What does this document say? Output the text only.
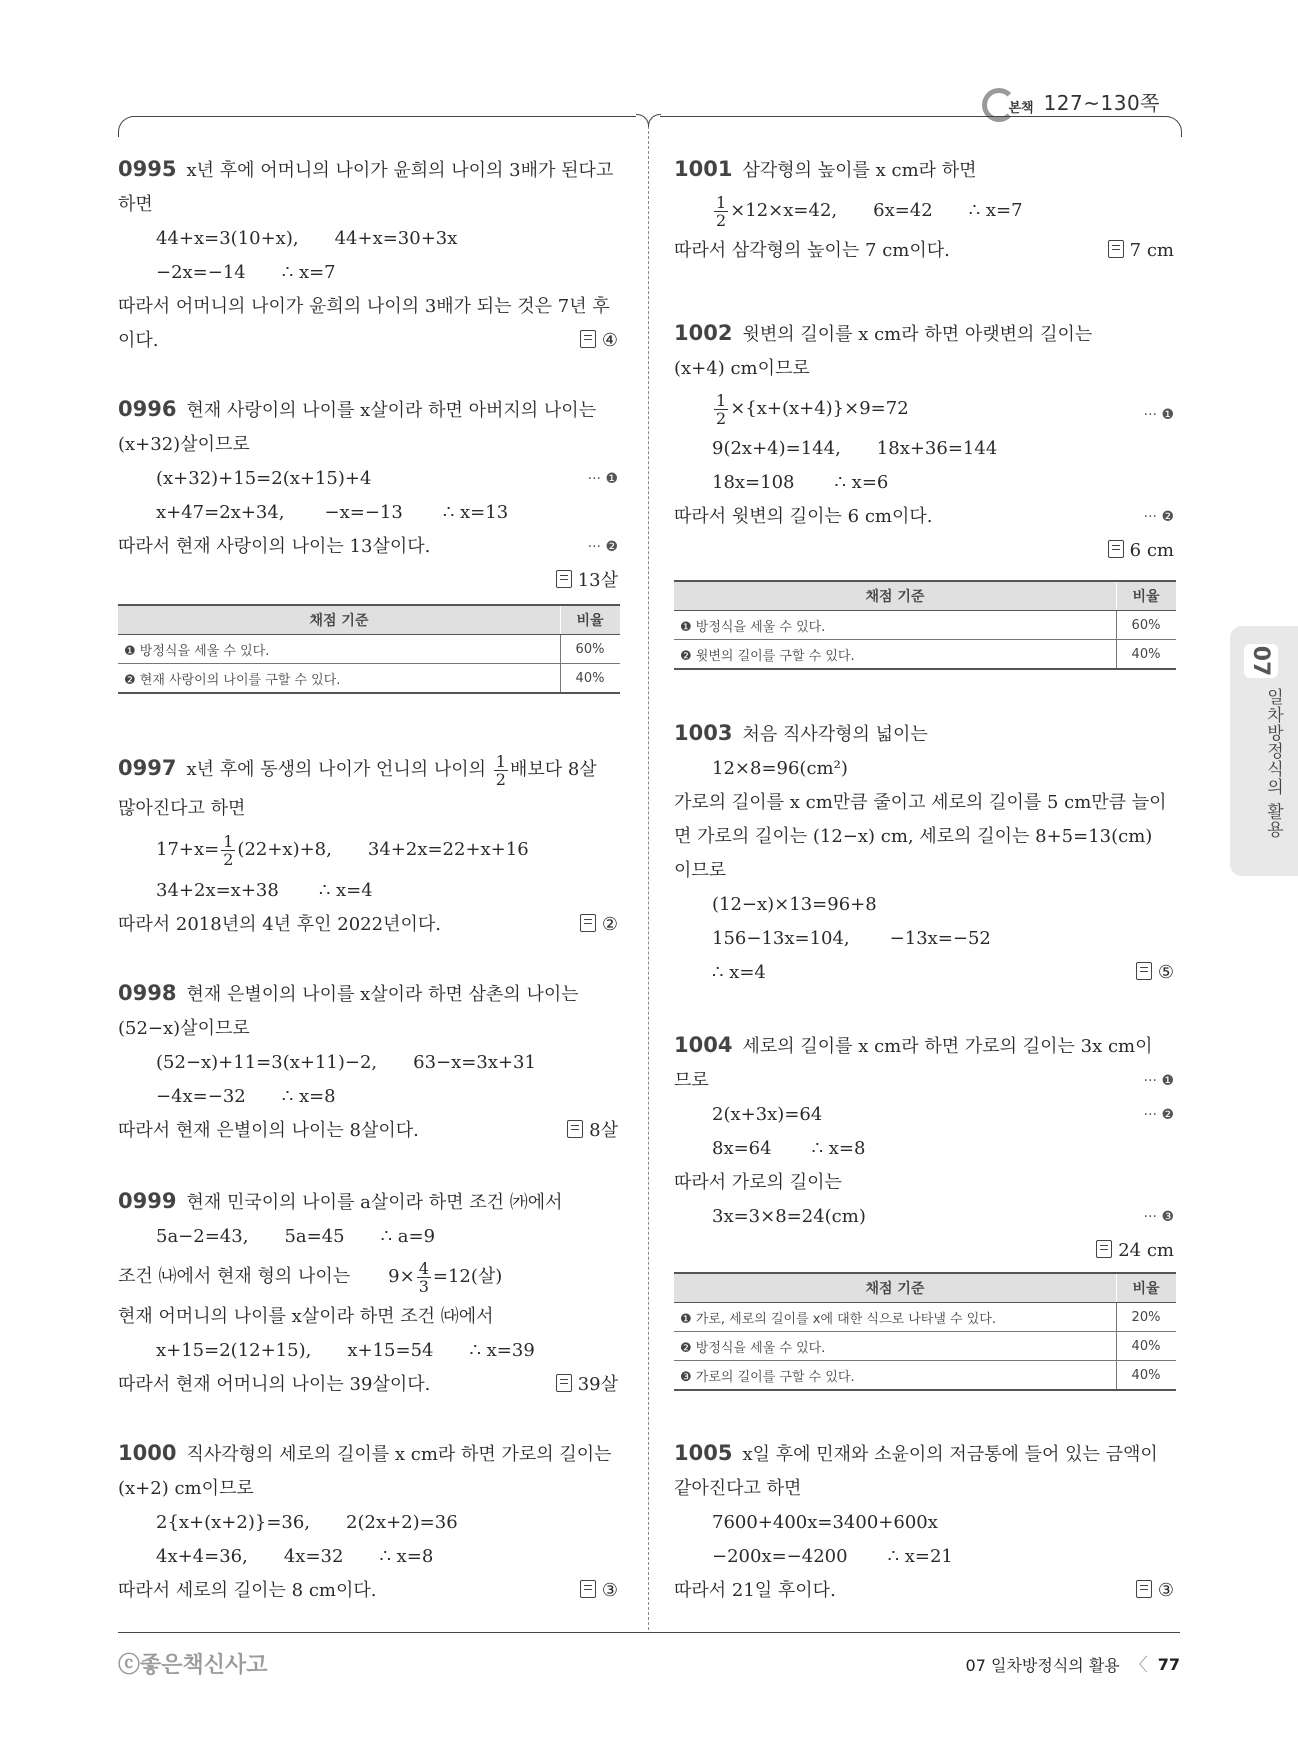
본책 127~130쪽
07
일차방정식의 활용
0995 x년 후에 어머니의 나이가 윤희의 나이의 3배가 된다고
하면
44+x=3(10+x), 44+x=30+3x
−2x=−14 ∴ x=7
따라서 어머니의 나이가 윤희의 나이의 3배가 되는 것은 7년 후
이다.	④
0996 현재 사랑이의 나이를 x살이라 하면 아버지의 나이는
(x+32)살이므로
(x+32)+15=2(x+15)+4	··· ❶
x+47=2x+34, −x=−13 ∴ x=13
따라서 현재 사랑이의 나이는 13살이다.	··· ❷
13살
채점 기준	비율
❶ 방정식을 세울 수 있다.	60%
❷ 현재 사랑이의 나이를 구할 수 있다.	40%
0997 x년 후에 동생의 나이가 언니의 나이의 $\frac{1}{2}$ 배보다 8살
많아진다고 하면
$17+x= \frac{1}{2} (22+x)+8$, 34+2x=22+x+16
34+2x=x+38 ∴ x=4
따라서 2018년의 4년 후인 2022년이다.	②
0998 현재 은별이의 나이를 x살이라 하면 삼촌의 나이는
(52−x)살이므로
(52−x)+11=3(x+11)−2, 63−x=3x+31
−4x=−32 ∴ x=8
따라서 현재 은별이의 나이는 8살이다.	8살
0999 현재 민국이의 나이를 a살이라 하면 조건 ㈎에서
5a−2=43, 5a=45 ∴ a=9
조건 ㈏에서 현재 형의 나이는 $9\times \frac{4}{3} =12$(살)
현재 어머니의 나이를 x살이라 하면 조건 ㈐에서
x+15=2(12+15), x+15=54 ∴ x=39
따라서 현재 어머니의 나이는 39살이다.	39살
1000 직사각형의 세로의 길이를 x cm라 하면 가로의 길이는
(x+2) cm이므로
2{x+(x+2)}=36, 2(2x+2)=36
4x+4=36, 4x=32 ∴ x=8
따라서 세로의 길이는 8 cm이다.	③
1001 삼각형의 높이를 x cm라 하면
$\frac{1}{2} \times 12\times x=42$, 6x=42 ∴ x=7
따라서 삼각형의 높이는 7 cm이다.	7 cm
1002 윗변의 길이를 x cm라 하면 아랫변의 길이는
(x+4) cm이므로
$\frac{1}{2} \times\{x+(x+4)\}\times 9=72$	··· ❶
9(2x+4)=144, 18x+36=144
18x=108 ∴ x=6
따라서 윗변의 길이는 6 cm이다.	··· ❷
6 cm
채점 기준	비율
❶ 방정식을 세울 수 있다.	60%
❷ 윗변의 길이를 구할 수 있다.	40%
1003 처음 직사각형의 넓이는
12×8=96(cm²)
가로의 길이를 x cm만큼 줄이고 세로의 길이를 5 cm만큼 늘이
면 가로의 길이는 (12−x) cm, 세로의 길이는 8+5=13(cm)
이므로
(12−x)×13=96+8
156−13x=104, −13x=−52
∴ x=4	⑤
1004 세로의 길이를 x cm라 하면 가로의 길이는 3x cm이
므로	··· ❶
2(x+3x)=64	··· ❷
8x=64 ∴ x=8
따라서 가로의 길이는
3x=3×8=24(cm)	··· ❸
24 cm
채점 기준	비율
❶ 가로, 세로의 길이를 x에 대한 식으로 나타낼 수 있다.	20%
❷ 방정식을 세울 수 있다.	40%
❸ 가로의 길이를 구할 수 있다.	40%
1005 x일 후에 민재와 소윤이의 저금통에 들어 있는 금액이
같아진다고 하면
7600+400x=3400+600x
−200x=−4200 ∴ x=21
따라서 21일 후이다.	③
ⓒ좋은책신사고	07 일차방정식의 활용 〈 77
